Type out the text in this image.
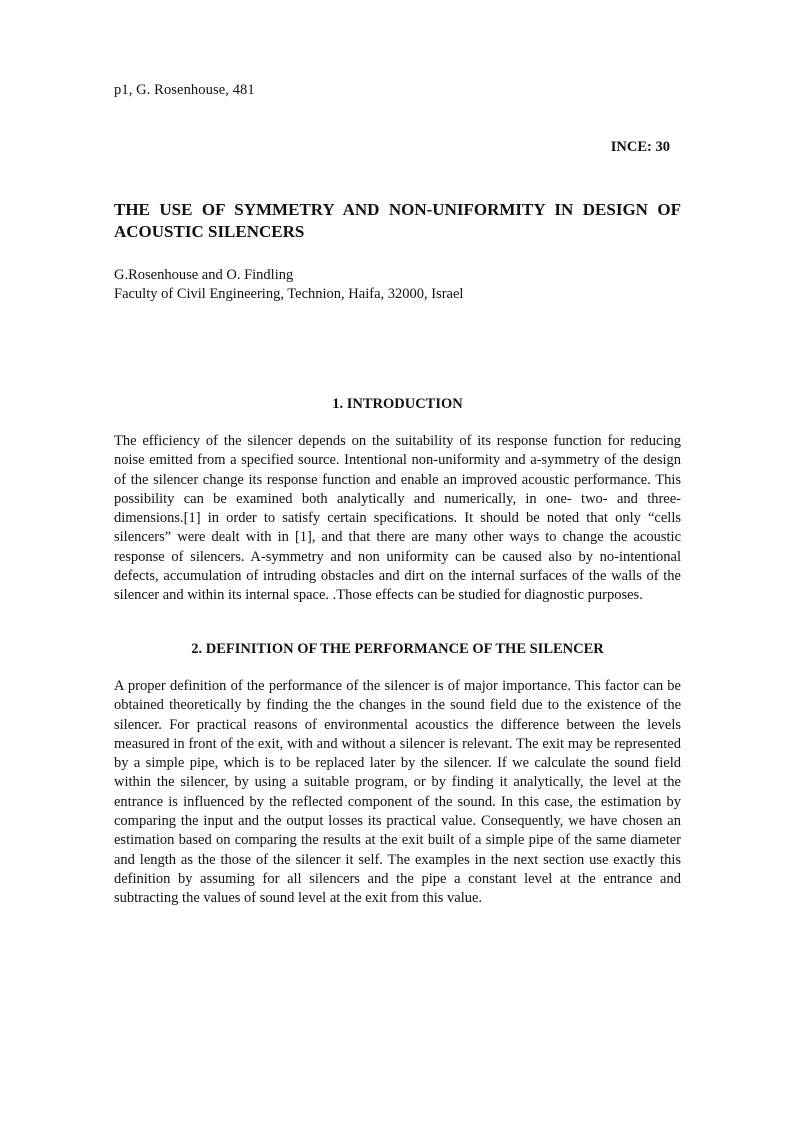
p1, G. Rosenhouse, 481
INCE: 30
THE USE OF SYMMETRY AND NON-UNIFORMITY IN DESIGN OF ACOUSTIC SILENCERS
G.Rosenhouse and O. Findling
Faculty of Civil Engineering, Technion, Haifa, 32000, Israel
1. INTRODUCTION

The efficiency of the silencer depends on the suitability of its response function for reducing noise emitted from a specified source. Intentional non-uniformity and a-symmetry of the design of the silencer change its response function and enable an improved acoustic performance. This possibility can be examined both analytically and numerically, in one- two- and three-dimensions.[1] in order to satisfy certain specifications. It should be noted that only “cells silencers” were dealt with in [1], and that there are many other ways to change the acoustic response of silencers. A-symmetry and non uniformity can be caused also by no-intentional defects, accumulation of intruding obstacles and dirt on the internal surfaces of the walls of the silencer and within its internal space. .Those effects can be studied for diagnostic purposes.

2. DEFINITION OF THE PERFORMANCE OF THE SILENCER

A proper definition of the performance of the silencer is of major importance. This factor can be obtained theoretically by finding the the changes in the sound field due to the existence of the silencer. For practical reasons of environmental acoustics the difference between the levels measured in front of the exit, with and without a silencer is relevant. The exit may be represented by a simple pipe, which is to be replaced later by the silencer. If we calculate the sound field within the silencer, by using a suitable program, or by finding it analytically, the level at the entrance is influenced by the reflected component of the sound. In this case, the estimation by comparing the input and the output losses its practical value. Consequently, we have chosen an estimation based on comparing the results at the exit built of a simple pipe of the same diameter and length as the those of the silencer it self. The examples in the next section use exactly this definition by assuming for all silencers and the pipe a constant level at the entrance and subtracting the values of sound level at the exit from this value.
